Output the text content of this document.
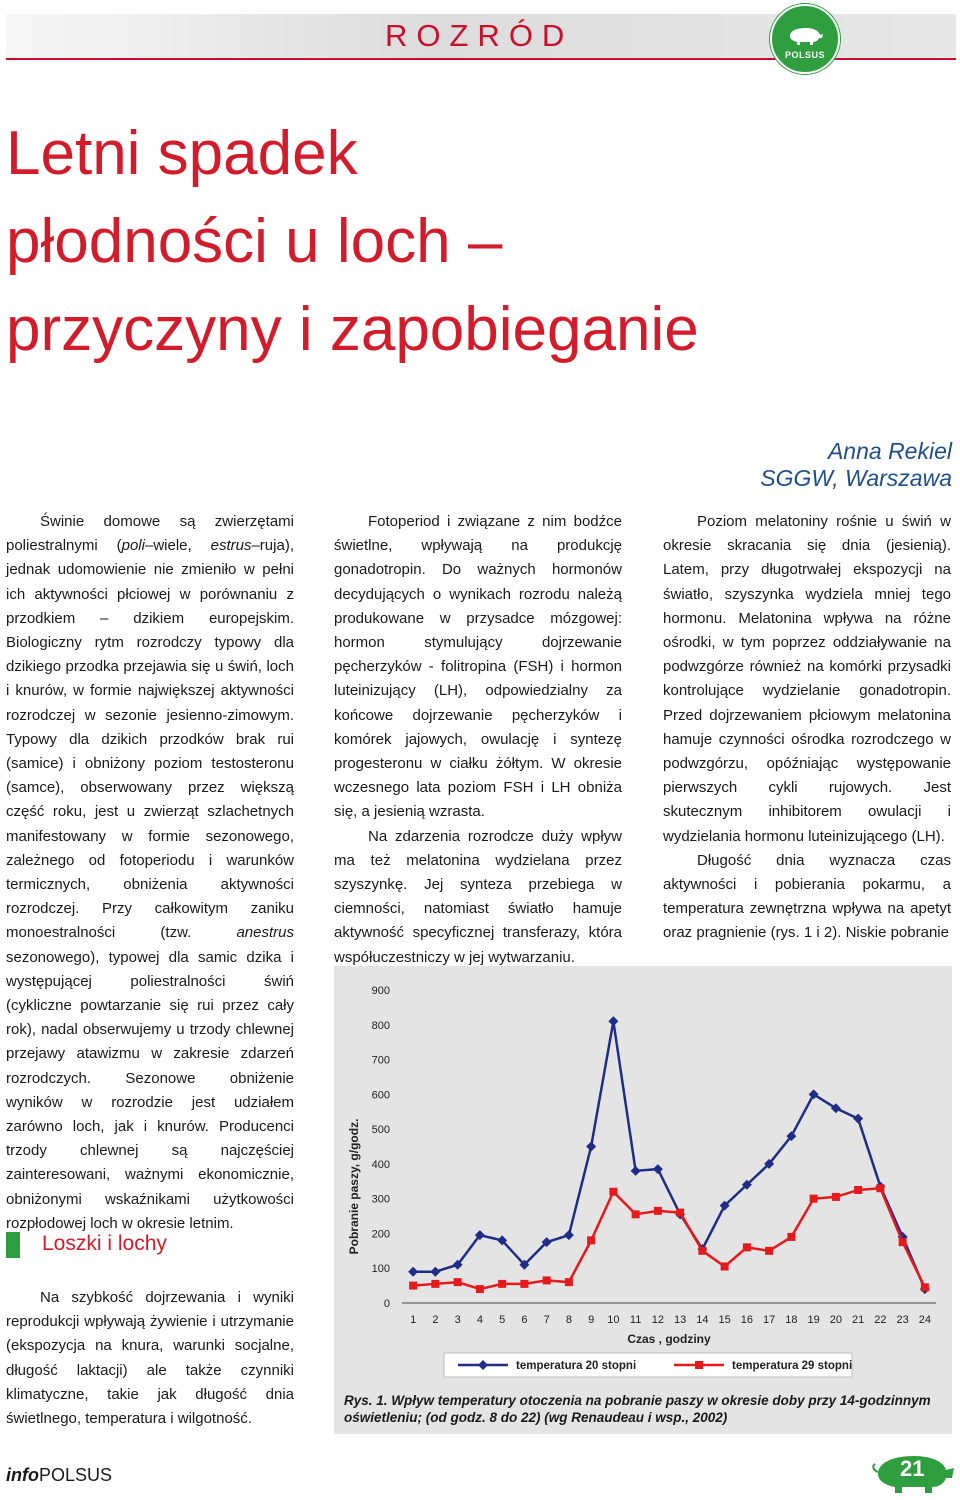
ROZRÓD
POLSUS
Letni spadek
płodności u loch –
przyczyny i zapobieganie
Anna Rekiel
SGGW, Warszawa

Świnie domowe są zwierzętami poliestralnymi (poli–wiele, estrus–ruja), jednak udomowienie nie zmieniło w pełni ich aktywności płciowej w porównaniu z przodkiem – dzikiem europejskim. Biologiczny rytm rozrodczy typowy dla dzikiego przodka przejawia się u świń, loch i knurów, w formie największej aktywności rozrodczej w sezonie jesienno-zimowym. Typowy dla dzikich przodków brak rui (samice) i obniżony poziom testosteronu (samce), obserwowany przez większą część roku, jest u zwierząt szlachetnych manifestowany w formie sezonowego, zależnego od fotoperiodu i warunków termicznych, obniżenia aktywności rozrodczej. Przy całkowitym zaniku monoestralności (tzw. anestrus sezonowego), typowej dla samic dzika i występującej poliestralności świń (cykliczne powtarzanie się rui przez cały rok), nadal obserwujemy u trzody chlewnej przejawy atawizmu w zakresie zdarzeń rozrodczych. Sezonowe obniżenie wyników w rozrodzie jest udziałem zarówno loch, jak i knurów. Producenci trzody chlewnej są najczęściej zainteresowani, ważnymi ekonomicznie, obniżonymi wskaźnikami użytkowości rozpłodowej loch w okresie letnim.

Loszki i lochy

Na szybkość dojrzewania i wyniki reprodukcji wpływają żywienie i utrzymanie (ekspozycja na knura, warunki socjalne, długość laktacji) ale także czynniki klimatyczne, takie jak długość dnia świetlnego, temperatura i wilgotność.

Fotoperiod i związane z nim bodźce świetlne, wpływają na produkcję gonadotropin. Do ważnych hormonów decydujących o wynikach rozrodu należą produkowane w przysadce mózgowej: hormon stymulujący dojrzewanie pęcherzyków - folitropina (FSH) i hormon luteinizujący (LH), odpowiedzialny za końcowe dojrzewanie pęcherzyków i komórek jajowych, owulację i syntezę progesteronu w ciałku żółtym. W okresie wczesnego lata poziom FSH i LH obniża się, a jesienią wzrasta.

Na zdarzenia rozrodcze duży wpływ ma też melatonina wydzielana przez szyszynkę. Jej synteza przebiega w ciemności, natomiast światło hamuje aktywność specyficznej transferazy, która współuczestniczy w jej wytwarzaniu.

Poziom melatoniny rośnie u świń w okresie skracania się dnia (jesienią). Latem, przy długotrwałej ekspozycji na światło, szyszynka wydziela mniej tego hormonu. Melatonina wpływa na różne ośrodki, w tym poprzez oddziaływanie na podwzgórze również na komórki przysadki kontrolujące wydzielanie gonadotropin. Przed dojrzewaniem płciowym melatonina hamuje czynności ośrodka rozrodczego w podwzgórzu, opóźniając występowanie pierwszych cykli rujowych. Jest skutecznym inhibitorem owulacji i wydzielania hormonu luteinizującego (LH).

Długość dnia wyznacza czas aktywności i pobierania pokarmu, a temperatura zewnętrzna wpływa na apetyt oraz pragnienie (rys. 1 i 2). Niskie pobranie

0
100
200
300
400
500
600
700
800
900
1 2 3 4 5 6 7 8 9 10 11 12 13 14 15 16 17 18 19 20 21 22 23 24
Czas , godziny
Pobranie paszy, g/godz.
temperatura 20 stopni	temperatura 29 stopni
Rys. 1. Wpływ temperatury otoczenia na pobranie paszy w okresie doby przy 14-godzinnym oświetleniu; (od godz. 8 do 22) (wg Renaudeau i wsp., 2002)
infoPOLSUS	21
